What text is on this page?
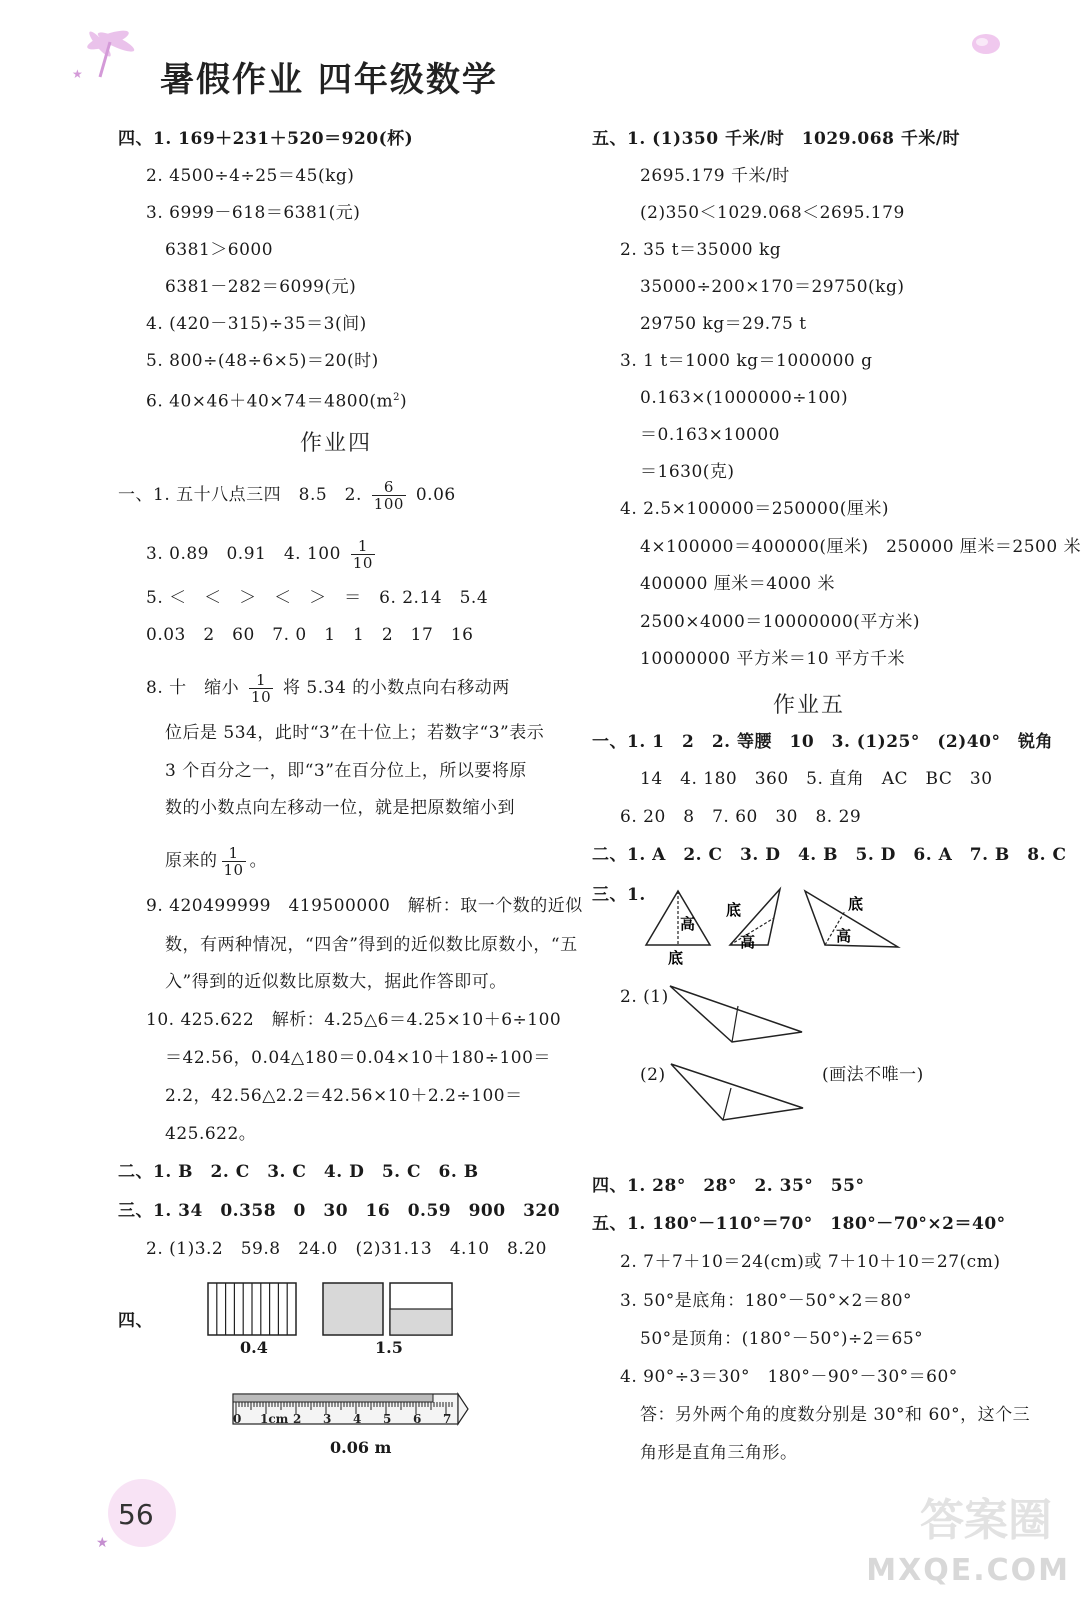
★ 暑假作业 四年级数学
四、1. 169＋231＋520＝920(杯)
2. 4500÷4÷25＝45(kg)
3. 6999－618＝6381(元)
6381＞6000
6381－282＝6099(元)
4. (420－315)÷35＝3(间)
5. 800÷(48÷6×5)＝20(时)
6. $40\times 46+40\times 74=4800(m^2)$
作业四
一、1. 五十八点三四　8.5　2. $\frac{6}{100} 0.06$
3. 0.89　0.91　4. $100 \frac{1}{10}$
5. ＜　＜　＞　＜　＞　＝　6. 2.14　5.4
0.03　2　60　7. 0　1　1　2　17　16
8. 十　缩小 $\frac{1}{10}$ 将 5.34 的小数点向右移动两
位后是 534，此时“3”在十位上；若数字“3”表示
3 个百分之一，即“3”在百分位上，所以要将原
数的小数点向左移动一位，就是把原数缩小到
原来的 $\frac{1}{10}$ 。
9. 420499999　419500000　解析：取一个数的近似
数，有两种情况，“四舍”得到的近似数比原数小，“五
入”得到的近似数比原数大，据此作答即可。
10. 425.622　解析：4.25△6＝4.25×10＋6÷100
＝42.56，0.04△180＝0.04×10＋180÷100＝
2.2，42.56△2.2＝42.56×10＋2.2÷100＝
425.622。
二、1. B　2. C　3. C　4. D　5. C　6. B
三、1. 34　0.358　0　30　16　0.59　900　320
2. (1)3.2　59.8　24.0　(2)31.13　4.10　8.20
四、
0.4	1.5
0 1cm 2 3 4 5 6 7
0.06 m
五、1. (1)350 千米/时　1029.068 千米/时
2695.179 千米/时
(2)350＜1029.068＜2695.179
2. 35 t＝35000 kg
35000÷200×170＝29750(kg)
29750 kg＝29.75 t
3. 1 t＝1000 kg＝1000000 g
0.163×(1000000÷100)
＝0.163×10000
＝1630(克)
4. 2.5×100000＝250000(厘米)
4×100000＝400000(厘米)　250000 厘米＝2500 米
400000 厘米＝4000 米
2500×4000＝10000000(平方米)
10000000 平方米＝10 平方千米
作业五
一、1. 1　2　2. 等腰　10　3. (1)25°　(2)40°　锐角
14　4. 180　360　5. 直角　AC　BC　30
6. 20　8　7. 60　30　8. 29
二、1. A　2. C　3. D　4. B　5. D　6. A　7. B　8. C
三、1.
高
底
底
高
底
高
2. (1)
(2)	(画法不唯一)
四、1. 28°　28°　2. 35°　55°
五、1. 180°－110°＝70°　180°－70°×2＝40°
2. 7＋7＋10＝24(cm)或 7＋10＋10＝27(cm)
3. 50°是底角：180°－50°×2＝80°
50°是顶角：(180°－50°)÷2＝65°
4. 90°÷3＝30°　180°－90°－30°＝60°
答：另外两个角的度数分别是 30°和 60°，这个三
角形是直角三角形。
★
56	答案圈
MXQE.COM
